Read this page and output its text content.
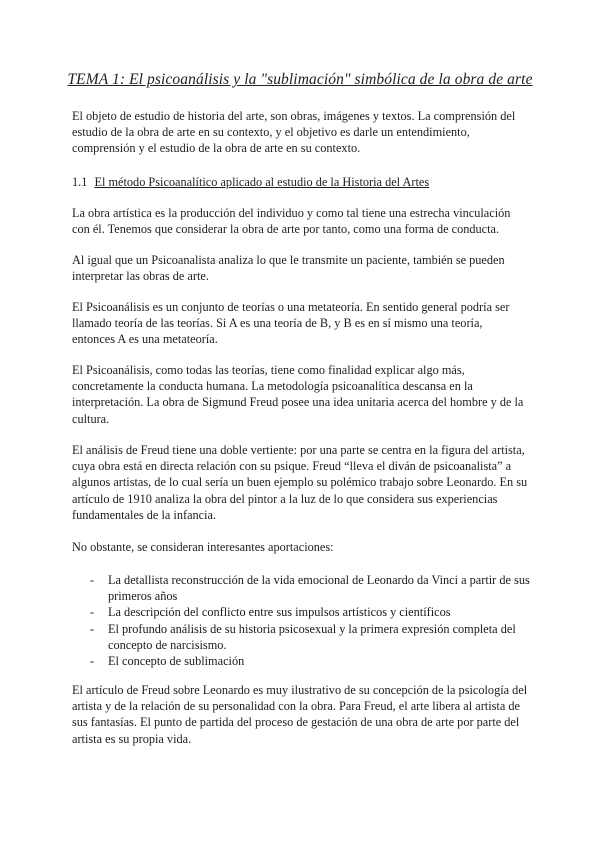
TEMA 1: El psicoanálisis y la "sublimación" simbólica de la obra de arte

El objeto de estudio de historia del arte, son obras, imágenes y textos. La comprensión del estudio de la obra de arte en su contexto, y el objetivo es darle un entendimiento, comprensión y el estudio de la obra de arte en su contexto.

1.1 El método Psicoanalítico aplicado al estudio de la Historia del Artes

La obra artística es la producción del individuo y como tal tiene una estrecha vinculación con él. Tenemos que considerar la obra de arte por tanto, como una forma de conducta.

Al igual que un Psicoanalista analiza lo que le transmite un paciente, también se pueden interpretar las obras de arte.

El Psicoanálisis es un conjunto de teorías o una metateoría. En sentido general podría ser llamado teoría de las teorías. Si A es una teoría de B, y B es en sí mismo una teoría, entonces A es una metateoría.

El Psicoanálisis, como todas las teorías, tiene como finalidad explicar algo más, concretamente la conducta humana. La metodología psicoanalítica descansa en la interpretación. La obra de Sigmund Freud posee una idea unitaria acerca del hombre y de la cultura.

El análisis de Freud tiene una doble vertiente: por una parte se centra en la figura del artista, cuya obra está en directa relación con su psique. Freud “lleva el diván de psicoanalista” a algunos artistas, de lo cual sería un buen ejemplo su polémico trabajo sobre Leonardo. En su artículo de 1910 analiza la obra del pintor a la luz de lo que considera sus experiencias fundamentales de la infancia.

No obstante, se consideran interesantes aportaciones:

- La detallista reconstrucción de la vida emocional de Leonardo da Vinci a partir de sus primeros años
- La descripción del conflicto entre sus impulsos artísticos y científicos
- El profundo análisis de su historia psicosexual y la primera expresión completa del concepto de narcisismo.
- El concepto de sublimación

El artículo de Freud sobre Leonardo es muy ilustrativo de su concepción de la psicología del artista y de la relación de su personalidad con la obra. Para Freud, el arte libera al artista de sus fantasías. El punto de partida del proceso de gestación de una obra de arte por parte del artista es su propia vida.
